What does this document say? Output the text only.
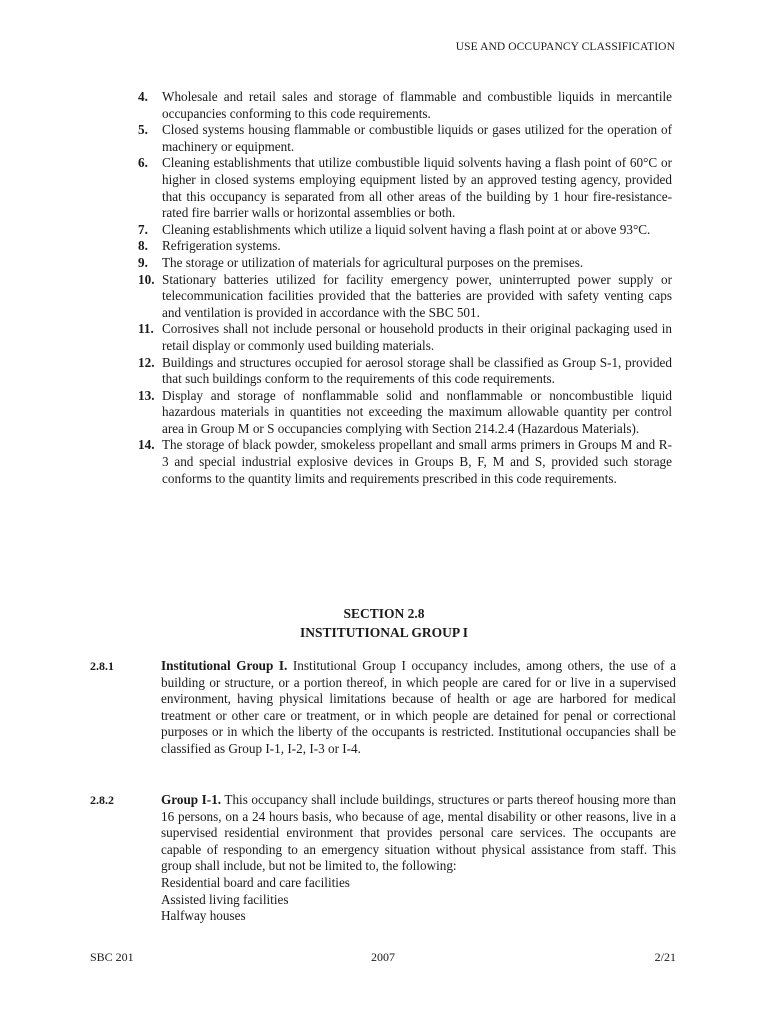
USE AND OCCUPANCY CLASSIFICATION
4. Wholesale and retail sales and storage of flammable and combustible liquids in mercantile occupancies conforming to this code requirements.
5. Closed systems housing flammable or combustible liquids or gases utilized for the operation of machinery or equipment.
6. Cleaning establishments that utilize combustible liquid solvents having a flash point of 60°C or higher in closed systems employing equipment listed by an approved testing agency, provided that this occupancy is separated from all other areas of the building by 1 hour fire-resistance-rated fire barrier walls or horizontal assemblies or both.
7. Cleaning establishments which utilize a liquid solvent having a flash point at or above 93°C.
8. Refrigeration systems.
9. The storage or utilization of materials for agricultural purposes on the premises.
10. Stationary batteries utilized for facility emergency power, uninterrupted power supply or telecommunication facilities provided that the batteries are provided with safety venting caps and ventilation is provided in accordance with the SBC 501.
11. Corrosives shall not include personal or household products in their original packaging used in retail display or commonly used building materials.
12. Buildings and structures occupied for aerosol storage shall be classified as Group S-1, provided that such buildings conform to the requirements of this code requirements.
13. Display and storage of nonflammable solid and nonflammable or noncombustible liquid hazardous materials in quantities not exceeding the maximum allowable quantity per control area in Group M or S occupancies complying with Section 214.2.4 (Hazardous Materials).
14. The storage of black powder, smokeless propellant and small arms primers in Groups M and R-3 and special industrial explosive devices in Groups B, F, M and S, provided such storage conforms to the quantity limits and requirements prescribed in this code requirements.
SECTION 2.8
INSTITUTIONAL GROUP I
2.8.1	Institutional Group I. Institutional Group I occupancy includes, among others, the use of a building or structure, or a portion thereof, in which people are cared for or live in a supervised environment, having physical limitations because of health or age are harbored for medical treatment or other care or treatment, or in which people are detained for penal or correctional purposes or in which the liberty of the occupants is restricted. Institutional occupancies shall be classified as Group I-1, I-2, I-3 or I-4.
2.8.2	Group I-1. This occupancy shall include buildings, structures or parts thereof housing more than 16 persons, on a 24 hours basis, who because of age, mental disability or other reasons, live in a supervised residential environment that provides personal care services. The occupants are capable of responding to an emergency situation without physical assistance from staff. This group shall include, but not be limited to, the following:
Residential board and care facilities
Assisted living facilities
Halfway houses
SBC 201	2007	2/21
